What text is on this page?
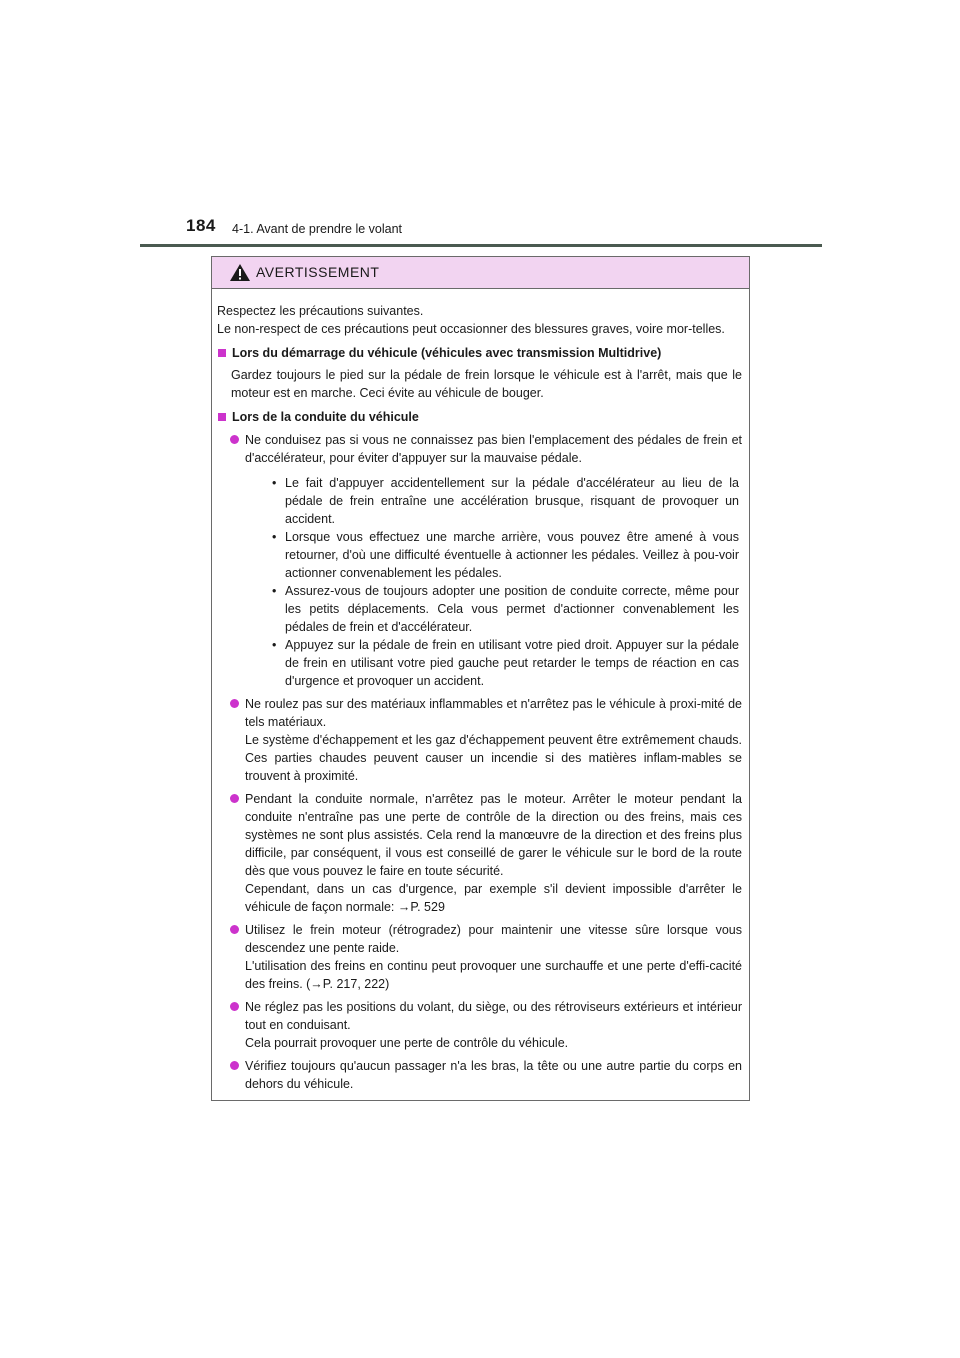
184 4-1. Avant de prendre le volant
AVERTISSEMENT

Respectez les précautions suivantes.

Le non-respect de ces précautions peut occasionner des blessures graves, voire mor-telles.

Lors du démarrage du véhicule (véhicules avec transmission Multidrive)

Gardez toujours le pied sur la pédale de frein lorsque le véhicule est à l'arrêt, mais que le moteur est en marche. Ceci évite au véhicule de bouger.

Lors de la conduite du véhicule

Ne conduisez pas si vous ne connaissez pas bien l'emplacement des pédales de frein et d'accélérateur, pour éviter d'appuyer sur la mauvaise pédale.

• Le fait d'appuyer accidentellement sur la pédale d'accélérateur au lieu de la pédale de frein entraîne une accélération brusque, risquant de provoquer un accident.
• Lorsque vous effectuez une marche arrière, vous pouvez être amené à vous retourner, d'où une difficulté éventuelle à actionner les pédales. Veillez à pou-voir actionner convenablement les pédales.
• Assurez-vous de toujours adopter une position de conduite correcte, même pour les petits déplacements. Cela vous permet d'actionner convenablement les pédales de frein et d'accélérateur.
• Appuyez sur la pédale de frein en utilisant votre pied droit. Appuyer sur la pédale de frein en utilisant votre pied gauche peut retarder le temps de réaction en cas d'urgence et provoquer un accident.

Ne roulez pas sur des matériaux inflammables et n'arrêtez pas le véhicule à proxi-mité de tels matériaux.

Le système d'échappement et les gaz d'échappement peuvent être extrêmement chauds. Ces parties chaudes peuvent causer un incendie si des matières inflam-mables se trouvent à proximité.

Pendant la conduite normale, n'arrêtez pas le moteur. Arrêter le moteur pendant la conduite n'entraîne pas une perte de contrôle de la direction ou des freins, mais ces systèmes ne sont plus assistés. Cela rend la manœuvre de la direction et des freins plus difficile, par conséquent, il vous est conseillé de garer le véhicule sur le bord de la route dès que vous pouvez le faire en toute sécurité.

Cependant, dans un cas d'urgence, par exemple s'il devient impossible d'arrêter le véhicule de façon normale: →P. 529

Utilisez le frein moteur (rétrogradez) pour maintenir une vitesse sûre lorsque vous descendez une pente raide.

L'utilisation des freins en continu peut provoquer une surchauffe et une perte d'effi-cacité des freins. (→P. 217, 222)

Ne réglez pas les positions du volant, du siège, ou des rétroviseurs extérieurs et intérieur tout en conduisant.

Cela pourrait provoquer une perte de contrôle du véhicule.

Vérifiez toujours qu'aucun passager n'a les bras, la tête ou une autre partie du corps en dehors du véhicule.
